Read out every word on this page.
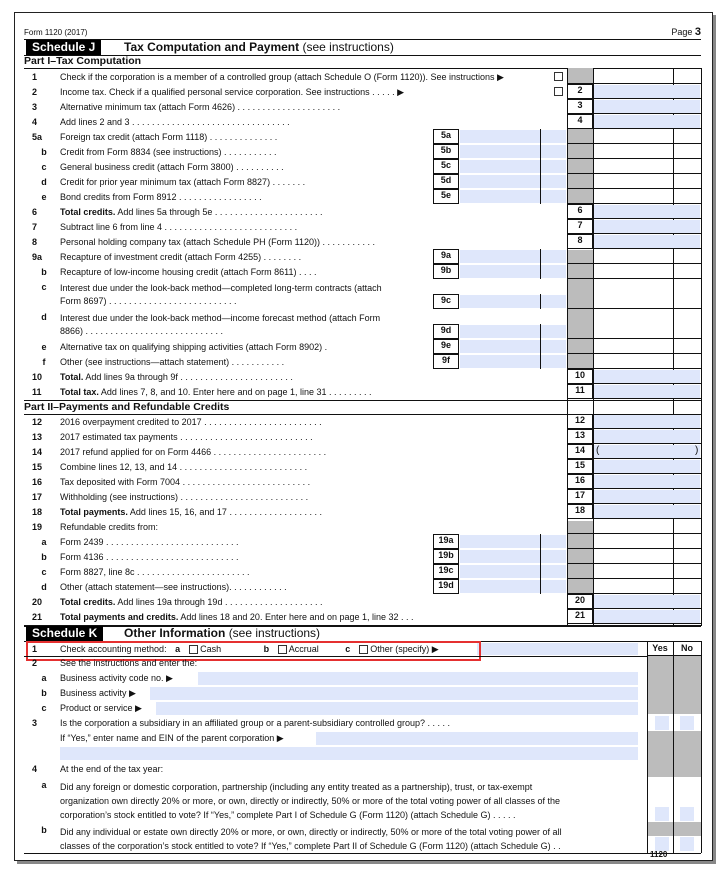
Form 1120 (2017)	Page 3
Schedule J	Tax Computation and Payment (see instructions)
Part I–Tax Computation
1	Check if the corporation is a member of a controlled group (attach Schedule O (Form 1120)). See instructions ▶
2	Income tax. Check if a qualified personal service corporation. See instructions . . . . . ▶	2
3	Alternative minimum tax (attach Form 4626) . . . . . . . . . . . . . . . . . . . . .	3
4	Add lines 2 and 3 . . . . . . . . . . . . . . . . . . . . . . . . . . . . . . . .	4
5a	Foreign tax credit (attach Form 1118) . . . . . . . . . . . . . .	5a
b	Credit from Form 8834 (see instructions) . . . . . . . . . . .	5b
c	General business credit (attach Form 3800) . . . . . . . . . .	5c
d	Credit for prior year minimum tax (attach Form 8827) . . . . . . .	5d
e	Bond credits from Form 8912 . . . . . . . . . . . . . . . . .	5e
6	Total credits. Add lines 5a through 5e . . . . . . . . . . . . . . . . . . . . . .	6
7	Subtract line 6 from line 4 . . . . . . . . . . . . . . . . . . . . . . . . . . .	7
8	Personal holding company tax (attach Schedule PH (Form 1120)) . . . . . . . . . . .	8
9a	Recapture of investment credit (attach Form 4255) . . . . . . . .	9a
b	Recapture of low-income housing credit (attach Form 8611) . . . .	9b
c	Interest due under the look-back method—completed long-term contracts (attach
Form 8697) . . . . . . . . . . . . . . . . . . . . . . . . . .	9c
d	Interest due under the look-back method—income forecast method (attach Form
8866) . . . . . . . . . . . . . . . . . . . . . . . . . . . .	9d
e	Alternative tax on qualifying shipping activities (attach Form 8902) .	9e
f	Other (see instructions—attach statement) . . . . . . . . . . .	9f
10	Total. Add lines 9a through 9f . . . . . . . . . . . . . . . . . . . . . . .	10
11	Total tax. Add lines 7, 8, and 10. Enter here and on page 1, line 31 . . . . . . . . .	11
12	2016 overpayment credited to 2017 . . . . . . . . . . . . . . . . . . . . . . . .	12
13	2017 estimated tax payments . . . . . . . . . . . . . . . . . . . . . . . . . . .	13
14	2017 refund applied for on Form 4466 . . . . . . . . . . . . . . . . . . . . . . .	14	(	)
15	Combine lines 12, 13, and 14 . . . . . . . . . . . . . . . . . . . . . . . . . .	15
16	Tax deposited with Form 7004 . . . . . . . . . . . . . . . . . . . . . . . . . .	16
17	Withholding (see instructions) . . . . . . . . . . . . . . . . . . . . . . . . . .	17
18	Total payments. Add lines 15, 16, and 17 . . . . . . . . . . . . . . . . . . .	18
19	Refundable credits from:
a	Form 2439 . . . . . . . . . . . . . . . . . . . . . . . . . . .	19a
b	Form 4136 . . . . . . . . . . . . . . . . . . . . . . . . . . .	19b
c	Form 8827, line 8c . . . . . . . . . . . . . . . . . . . . . . .	19c
d	Other (attach statement—see instructions). . . . . . . . . . . .	19d
20	Total credits. Add lines 19a through 19d . . . . . . . . . . . . . . . . . . . .	20
21	Total payments and credits. Add lines 18 and 20. Enter here and on page 1, line 32 . . .	21
Part II–Payments and Refundable Credits
Schedule K	Other Information (see instructions)
Yes	No
1	Check accounting method: a Cash	b Accrual	c Other (specify) ▶
2	See the instructions and enter the:
a	Business activity code no. ▶
b	Business activity ▶
c	Product or service ▶
3	Is the corporation a subsidiary in an affiliated group or a parent-subsidiary controlled group? . . . . .
If “Yes,” enter name and EIN of the parent corporation ▶
4	At the end of the tax year:
a	Did any foreign or domestic corporation, partnership (including any entity treated as a partnership), trust, or tax-exempt
organization own directly 20% or more, or own, directly or indirectly, 50% or more of the total voting power of all classes of the
corporation’s stock entitled to vote? If “Yes,” complete Part I of Schedule G (Form 1120) (attach Schedule G) . . . . .
b	Did any individual or estate own directly 20% or more, or own, directly or indirectly, 50% or more of the total voting power of all
classes of the corporation’s stock entitled to vote? If “Yes,” complete Part II of Schedule G (Form 1120) (attach Schedule G) . .
1120
